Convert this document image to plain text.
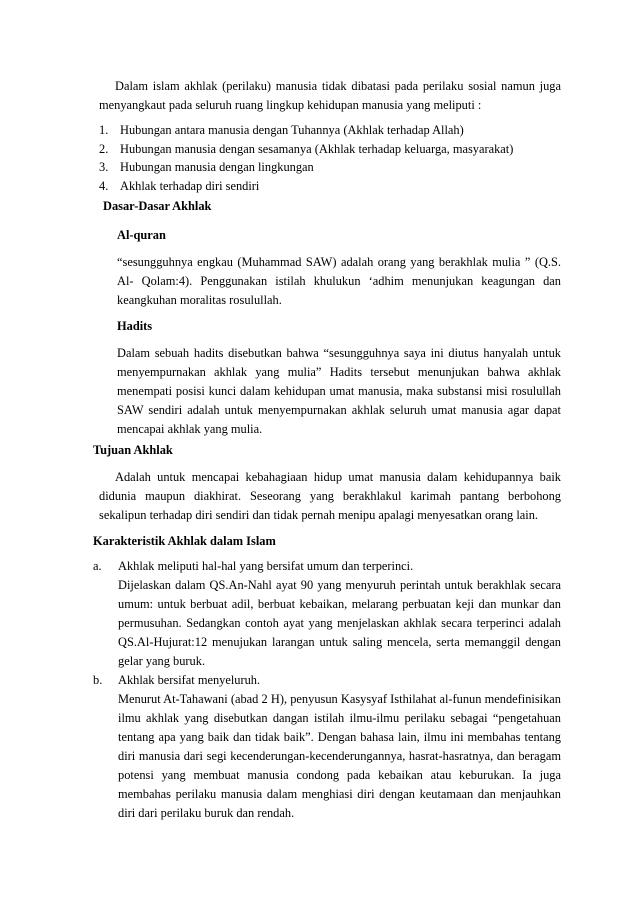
Dalam islam akhlak (perilaku) manusia tidak dibatasi pada perilaku sosial namun juga menyangkaut pada seluruh ruang lingkup kehidupan manusia yang meliputi :

1. Hubungan antara manusia dengan Tuhannya (Akhlak terhadap Allah)
2. Hubungan manusia dengan sesamanya (Akhlak terhadap keluarga, masyarakat)
3. Hubungan manusia dengan lingkungan
4. Akhlak terhadap diri sendiri

Dasar-Dasar Akhlak

Al-quran

“sesungguhnya engkau (Muhammad SAW) adalah orang yang berakhlak mulia ” (Q.S. Al- Qolam:4). Penggunakan istilah khulukun ‘adhim menunjukan keagungan dan keangkuhan moralitas rosulullah.

Hadits

Dalam sebuah hadits disebutkan bahwa “sesungguhnya saya ini diutus hanyalah untuk menyempurnakan akhlak yang mulia” Hadits tersebut menunjukan bahwa akhlak menempati posisi kunci dalam kehidupan umat manusia, maka substansi misi rosulullah SAW sendiri adalah untuk menyempurnakan akhlak seluruh umat manusia agar dapat mencapai akhlak yang mulia.

Tujuan Akhlak

Adalah untuk mencapai kebahagiaan hidup umat manusia dalam kehidupannya baik didunia maupun diakhirat. Seseorang yang berakhlakul karimah pantang berbohong sekalipun terhadap diri sendiri dan tidak pernah menipu apalagi menyesatkan orang lain.

Karakteristik Akhlak dalam Islam

a.	Akhlak meliputi hal-hal yang bersifat umum dan terperinci.

Dijelaskan dalam QS.An-Nahl ayat 90 yang menyuruh perintah untuk berakhlak secara umum: untuk berbuat adil, berbuat kebaikan, melarang perbuatan keji dan munkar dan permusuhan. Sedangkan contoh ayat yang menjelaskan akhlak secara terperinci adalah QS.Al-Hujurat:12 menujukan larangan untuk saling mencela, serta memanggil dengan gelar yang buruk.

b.	Akhlak bersifat menyeluruh.

Menurut At-Tahawani (abad 2 H), penyusun Kasysyaf Isthilahat al-funun mendefinisikan ilmu akhlak yang disebutkan dangan istilah ilmu-ilmu perilaku sebagai “pengetahuan tentang apa yang baik dan tidak baik”. Dengan bahasa lain, ilmu ini membahas tentang diri manusia dari segi kecenderungan-kecenderungannya, hasrat-hasratnya, dan beragam potensi yang membuat manusia condong pada kebaikan atau keburukan. Ia juga membahas perilaku manusia dalam menghiasi diri dengan keutamaan dan menjauhkan diri dari perilaku buruk dan rendah.
